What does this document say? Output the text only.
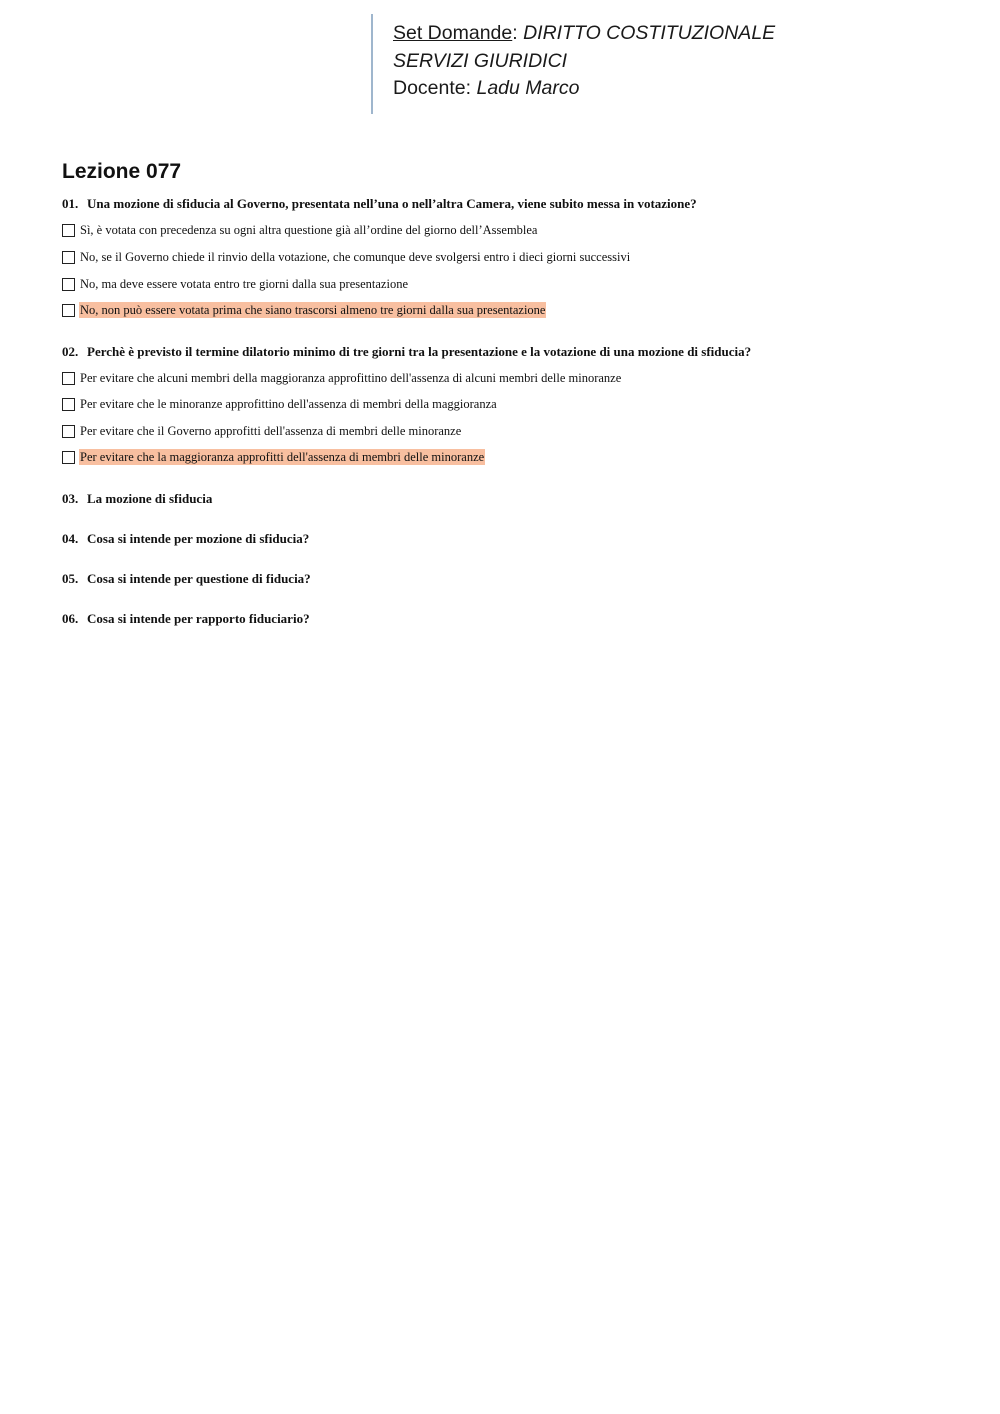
Set Domande: DIRITTO COSTITUZIONALE
SERVIZI GIURIDICI
Docente: Ladu Marco
Lezione 077
01. Una mozione di sfiducia al Governo, presentata nell’una o nell’altra Camera, viene subito messa in votazione?
Sì, è votata con precedenza su ogni altra questione già all’ordine del giorno dell’Assemblea
No, se il Governo chiede il rinvio della votazione, che comunque deve svolgersi entro i dieci giorni successivi
No, ma deve essere votata entro tre giorni dalla sua presentazione
No, non può essere votata prima che siano trascorsi almeno tre giorni dalla sua presentazione
02. Perchè è previsto il termine dilatorio minimo di tre giorni tra la presentazione e la votazione di una mozione di sfiducia?
Per evitare che alcuni membri della maggioranza approfittino dell'assenza di alcuni membri delle minoranze
Per evitare che le minoranze approfittino dell'assenza di membri della maggioranza
Per evitare che il Governo approfitti dell'assenza di membri delle minoranze
Per evitare che la maggioranza approfitti dell'assenza di membri delle minoranze
03. La mozione di sfiducia
04. Cosa si intende per mozione di sfiducia?
05. Cosa si intende per questione di fiducia?
06. Cosa si intende per rapporto fiduciario?
